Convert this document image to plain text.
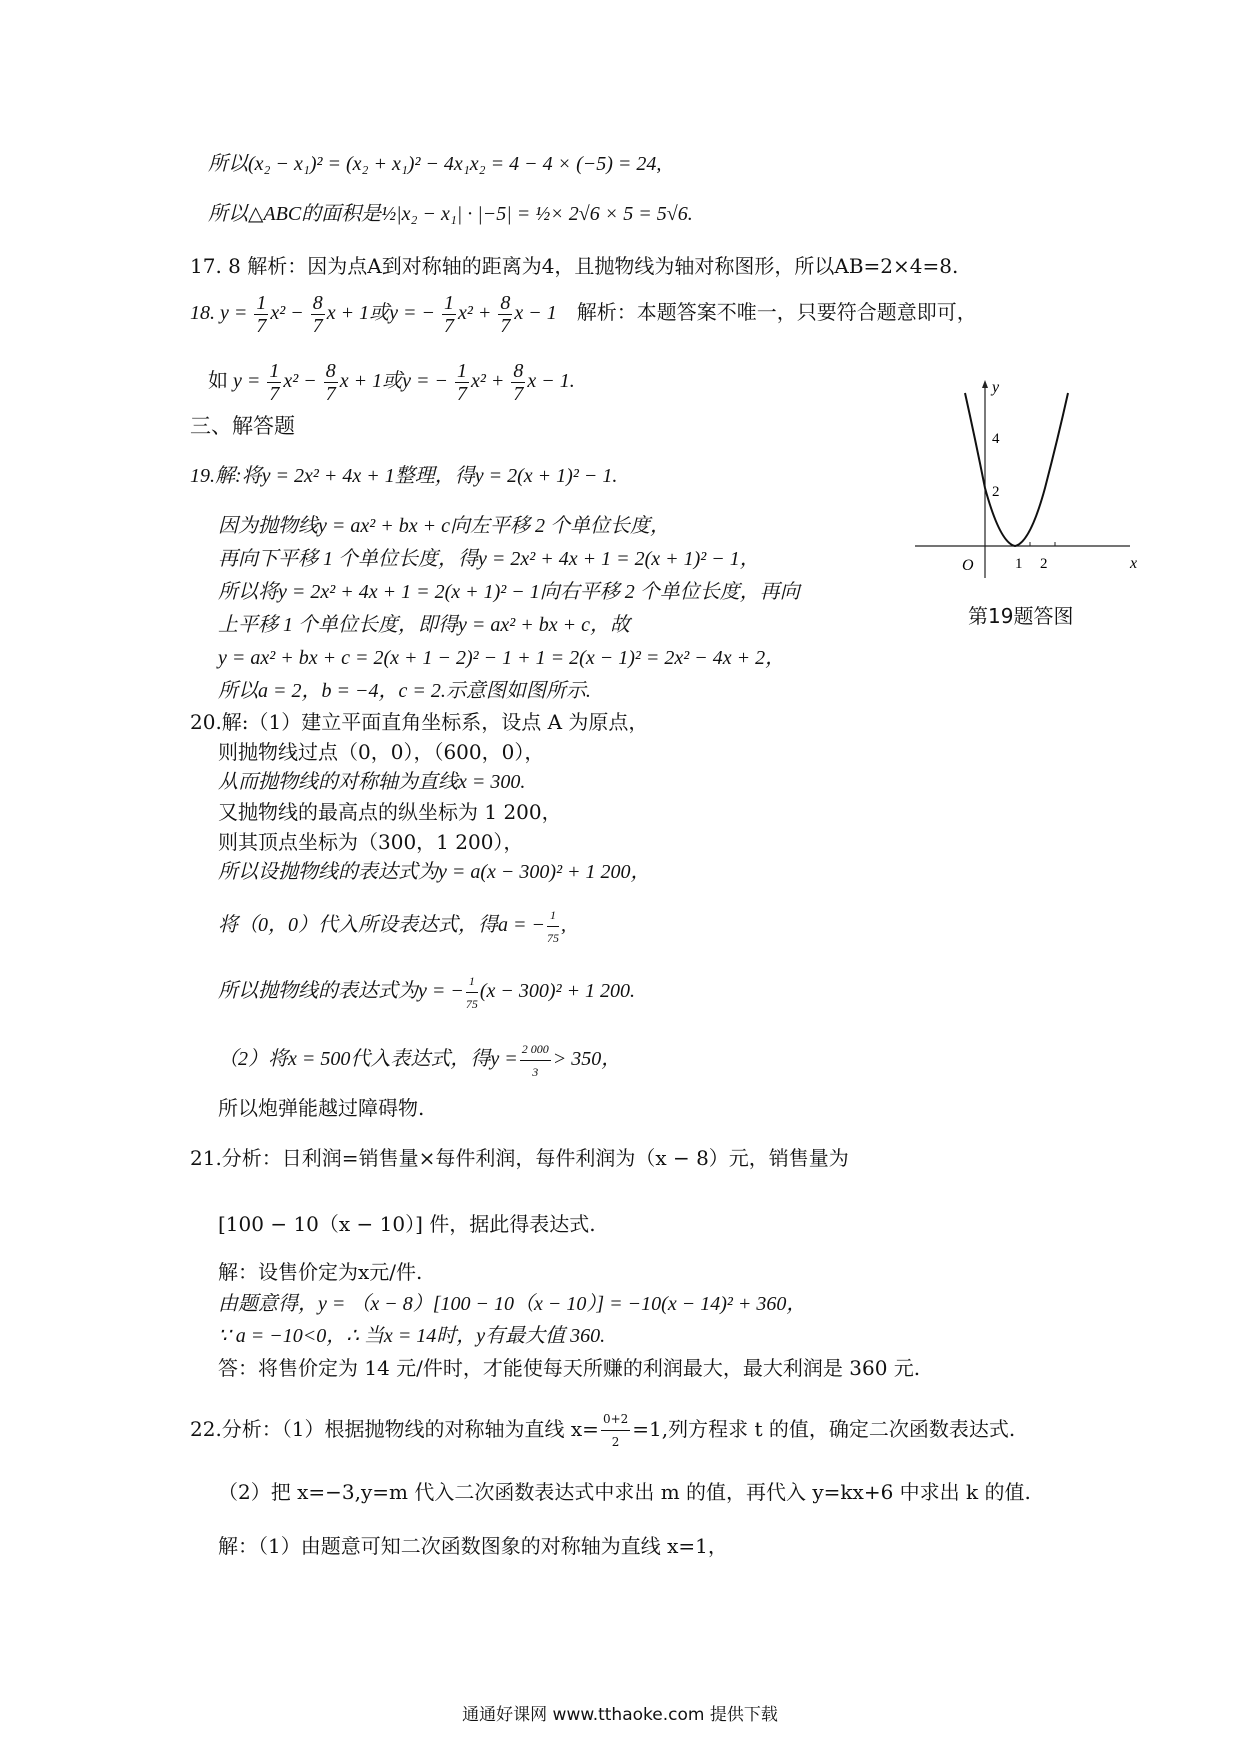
所以(x₂ − x₁)² = (x₂ + x₁)² − 4x₁x₂ = 4 − 4 × (−5) = 24,
所以△ABC的面积是½|x₂ − x₁| · |−5| = ½× 2√6 × 5 = 5√6.
17. 8 解析：因为点A到对称轴的距离为4，且抛物线为轴对称图形，所以AB=2×4=8.
18. $y = \frac{1}{7} x^2 - \frac{8}{7}$ x + 1或y = − $\frac{1}{7} x^2 + \frac{8}{7}$ x − 1 解析：本题答案不唯一，只要符合题意即可，
如 $y = \frac{1}{7} x^2 - \frac{8}{7}$ x + 1或y = − $\frac{1}{7} x^2 + \frac{8}{7}$ x − 1.
三、解答题
19.解:将y = 2x² + 4x + 1整理，得y = 2(x + 1)² − 1.
因为抛物线y = ax² + bx + c向左平移 2 个单位长度，
再向下平移 1 个单位长度，得y = 2x² + 4x + 1 = 2(x + 1)² − 1，
所以将y = 2x² + 4x + 1 = 2(x + 1)² − 1向右平移 2 个单位长度，再向
上平移 1 个单位长度，即得y = ax² + bx + c，故
y = ax² + bx + c = 2(x + 1 − 2)² − 1 + 1 = 2(x − 1)² = 2x² − 4x + 2，
所以a = 2，b = −4，c = 2.示意图如图所示.
y
x
O	1 2
2
4
第19题答图
20.解:（1）建立平面直角坐标系，设点 A 为原点，
则抛物线过点（0，0），（600，0），
从而抛物线的对称轴为直线x = 300.
又抛物线的最高点的纵坐标为 1 200，
则其顶点坐标为（300，1 200），
所以设抛物线的表达式为y = a(x − 300)² + 1 200，
将（0，0）代入所设表达式，得a = − $\frac{1}{75}$ ,
所以抛物线的表达式为y = − $\frac{1}{75} (x - 300)^2 + 1$ 200.
（2）将x = 500代入表达式，得$y = \frac{2 000}{3} > 350$，
所以炮弹能越过障碍物.
21.分析：日利润=销售量×每件利润，每件利润为（x − 8）元，销售量为
[100 − 10（x − 10）] 件，据此得表达式.
解：设售价定为x元/件.
由题意得，y = （x − 8）[100 − 10（x − 10）] = −10(x − 14)² + 360，
∵ a = −10<0，∴ 当x = 14时，y有最大值 360.
答：将售价定为 14 元/件时，才能使每天所赚的利润最大，最大利润是 360 元.
22.分析：（1）根据抛物线的对称轴为直线 $x= \frac{0+2}{2} =1$,列方程求 t 的值，确定二次函数表达式.
（2）把 x=−3,y=m 代入二次函数表达式中求出 m 的值，再代入 y=kx+6 中求出 k 的值.
解：（1）由题意可知二次函数图象的对称轴为直线 x=1，
通通好课网 www.tthaoke.com 提供下载
